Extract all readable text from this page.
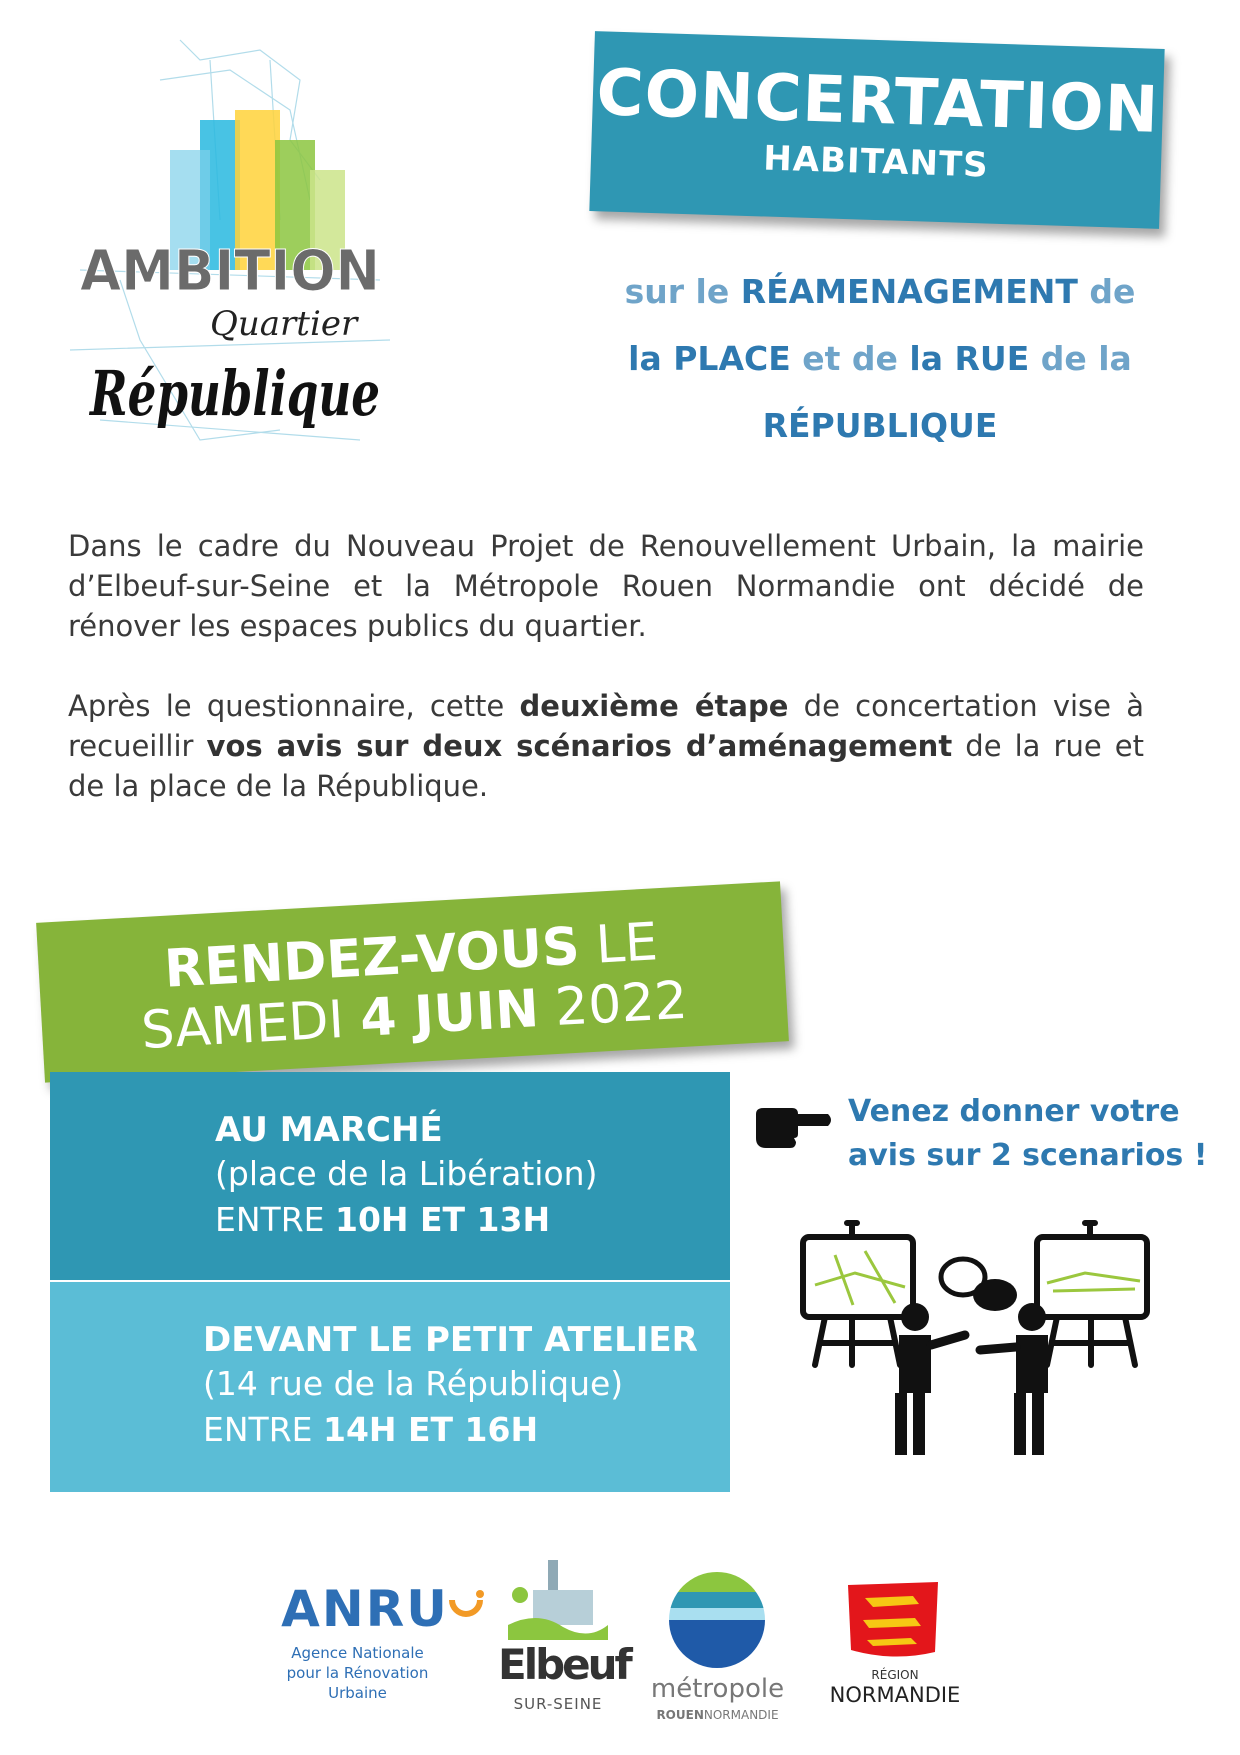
AMBITION
Quartier
République
CONCERTATION
HABITANTS
sur le RÉAMENAGEMENT de
la PLACE et de la RUE de la
RÉPUBLIQUE
Dans le cadre du Nouveau Projet de Renouvellement Urbain, la mairie d’Elbeuf-sur-Seine et la Métropole Rouen Normandie ont décidé de rénover les espaces publics du quartier.
Après le questionnaire, cette deuxième étape de concertation vise à recueillir vos avis sur deux scénarios d’aménagement de la rue et de la place de la République.
RENDEZ-VOUS LE
SAMEDI 4 JUIN 2022
AU MARCHÉ
(place de la Libération)
ENTRE 10H ET 13H
DEVANT LE PETIT ATELIER
(14 rue de la République)
ENTRE 14H ET 16H
Venez donner votre
avis sur 2 scenarios !
ANRU
Agence Nationale
pour la Rénovation
Urbaine
Elbeuf
SUR-SEINE	métropole
ROUENNORMANDIE
RÉGION
NORMANDIE
